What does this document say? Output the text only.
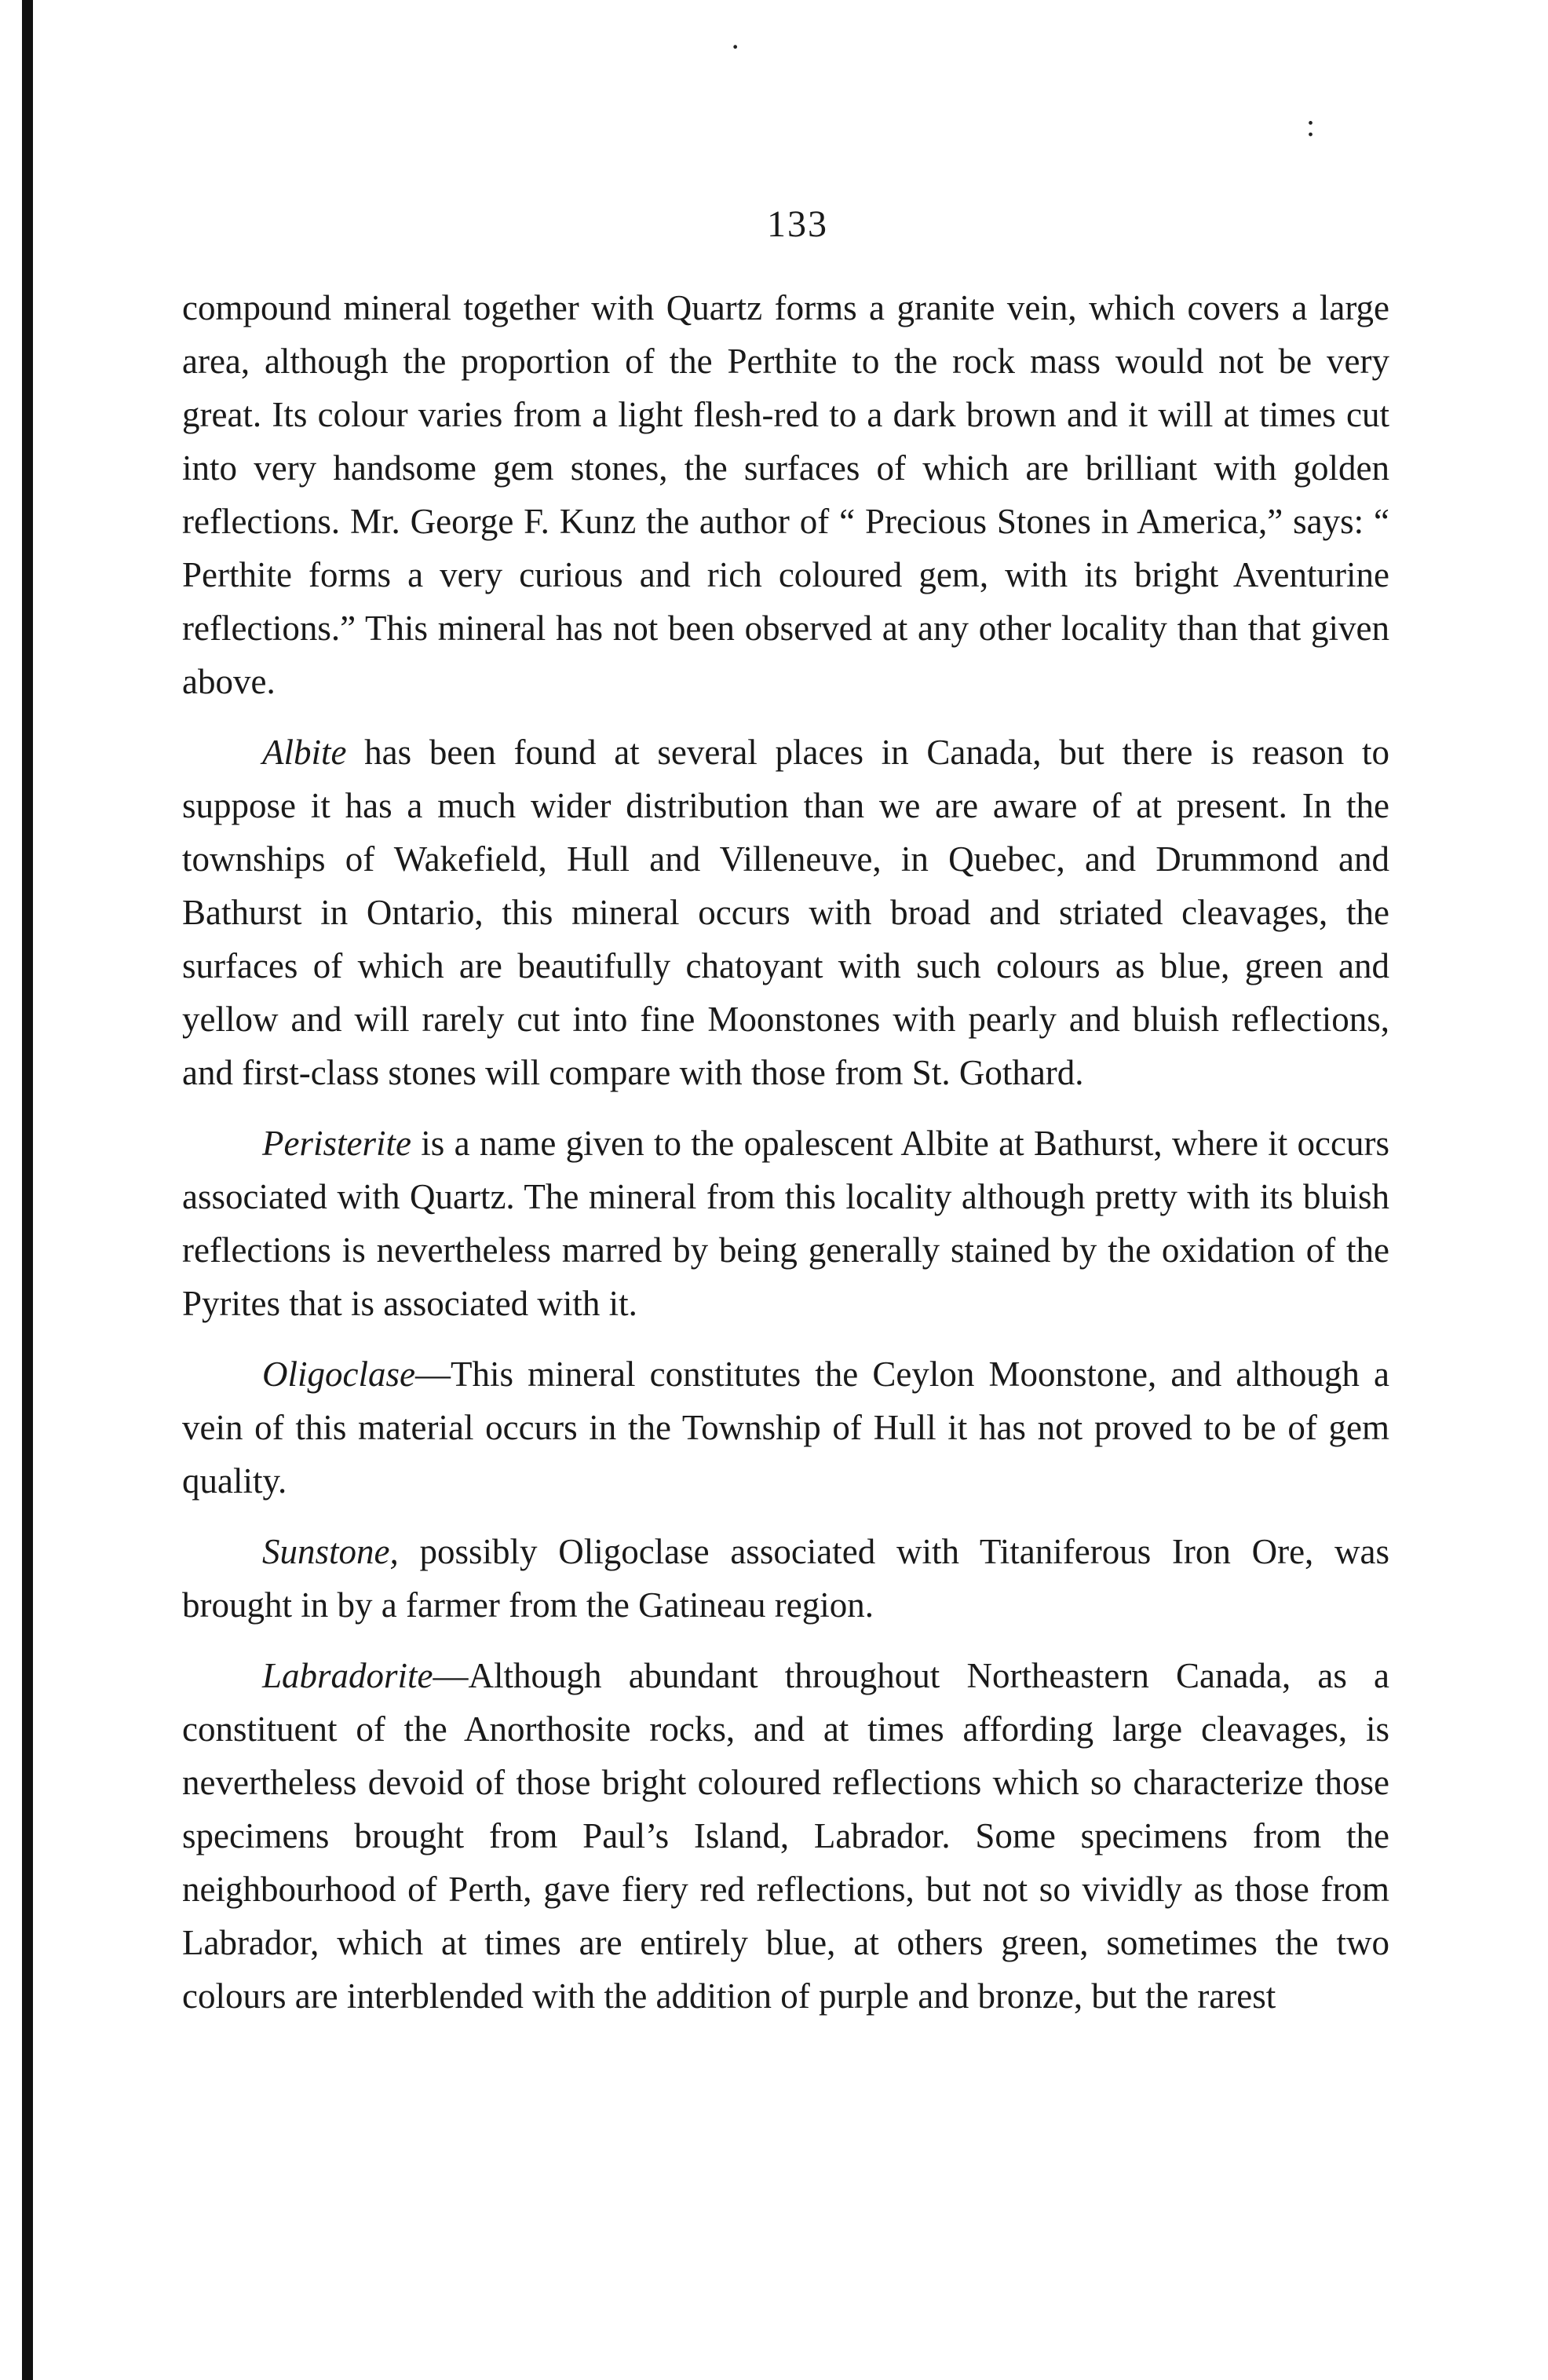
·
:
133

compound mineral together with Quartz forms a granite vein, which covers a large area, although the proportion of the Perthite to the rock mass would not be very great. Its colour varies from a light flesh-red to a dark brown and it will at times cut into very handsome gem stones, the surfaces of which are brilliant with golden reflections. Mr. George F. Kunz the author of “ Precious Stones in America,” says: “ Perthite forms a very curious and rich coloured gem, with its bright Aventurine reflections.” This mineral has not been observed at any other locality than that given above.

Albite has been found at several places in Canada, but there is reason to suppose it has a much wider distribution than we are aware of at present. In the townships of Wakefield, Hull and Villeneuve, in Quebec, and Drummond and Bathurst in Ontario, this mineral occurs with broad and striated cleavages, the surfaces of which are beautifully chatoyant with such colours as blue, green and yellow and will rarely cut into fine Moonstones with pearly and bluish reflections, and first-class stones will compare with those from St. Gothard.

Peristerite is a name given to the opalescent Albite at Bathurst, where it occurs associated with Quartz. The mineral from this locality although pretty with its bluish reflections is nevertheless marred by being generally stained by the oxidation of the Pyrites that is associated with it.

Oligoclase—This mineral constitutes the Ceylon Moonstone, and although a vein of this material occurs in the Township of Hull it has not proved to be of gem quality.

Sunstone, possibly Oligoclase associated with Titaniferous Iron Ore, was brought in by a farmer from the Gatineau region.

Labradorite—Although abundant throughout Northeastern Canada, as a constituent of the Anorthosite rocks, and at times affording large cleavages, is nevertheless devoid of those bright coloured reflections which so characterize those specimens brought from Paul’s Island, Labrador. Some specimens from the neighbourhood of Perth, gave fiery red reflections, but not so vividly as those from Labrador, which at times are entirely blue, at others green, sometimes the two colours are interblended with the addition of purple and bronze, but the rarest
